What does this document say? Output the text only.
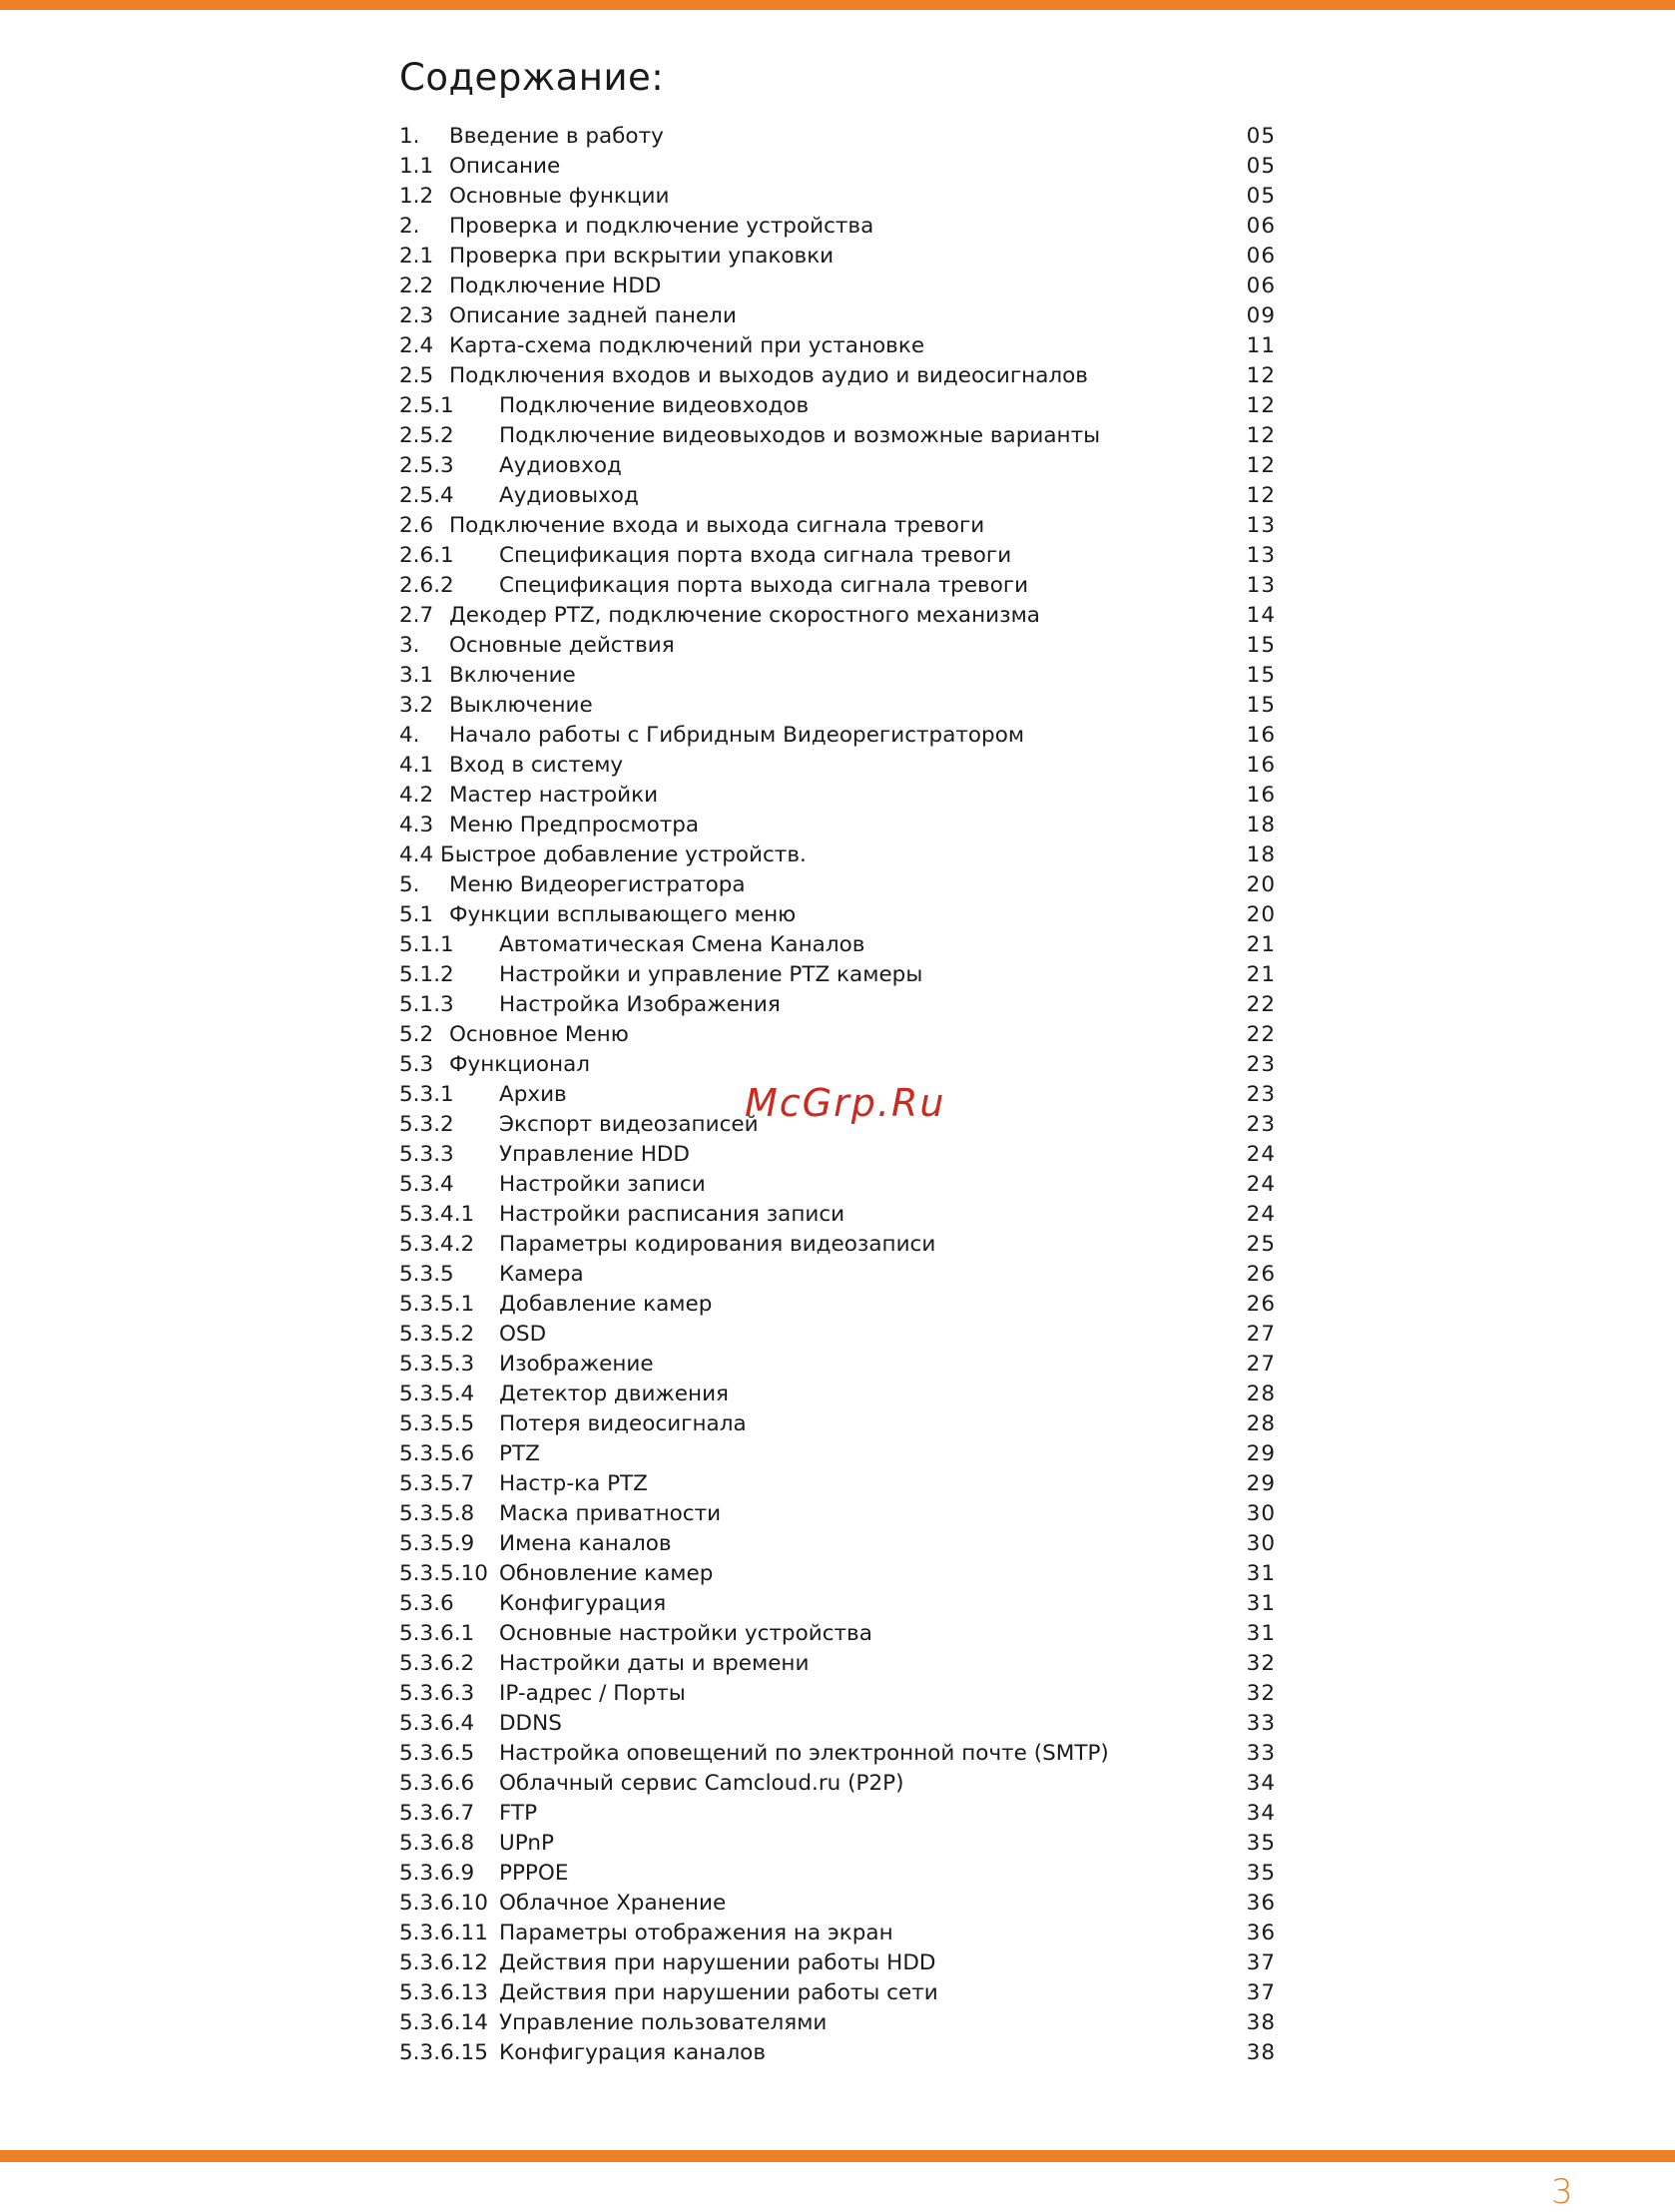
Содержание:
1. Введение в работу	05
1.1 Описание	05
1.2 Основные функции	05
2. Проверка и подключение устройства	06
2.1 Проверка при вскрытии упаковки	06
2.2 Подключение HDD	06
2.3 Описание задней панели	09
2.4 Карта-схема подключений при установке	11
2.5 Подключения входов и выходов аудио и видеосигналов	12
2.5.1 Подключение видеовходов	12
2.5.2 Подключение видеовыходов и возможные варианты	12
2.5.3 Аудиовход	12
2.5.4 Аудиовыход	12
2.6 Подключение входа и выхода сигнала тревоги	13
2.6.1 Спецификация порта входа сигнала тревоги	13
2.6.2 Спецификация порта выхода сигнала тревоги	13
2.7 Декодер PTZ, подключение скоростного механизма	14
3. Основные действия	15
3.1 Включение	15
3.2 Выключение	15
4. Начало работы с Гибридным Видеорегистратором	16
4.1 Вход в систему	16
4.2 Мастер настройки	16
4.3 Меню Предпросмотра	18
4.4 Быстрое добавление устройств.	18
5. Меню Видеорегистратора	20
5.1 Функции всплывающего меню	20
5.1.1 Автоматическая Смена Каналов	21
5.1.2 Настройки и управление PTZ камеры	21
5.1.3 Настройка Изображения	22
5.2 Основное Меню	22
5.3 Функционал	23
5.3.1 Архив	23
5.3.2 Экспорт видеозаписей	23
5.3.3 Управление HDD	24
5.3.4 Настройки записи	24
5.3.4.1 Настройки расписания записи	24
5.3.4.2 Параметры кодирования видеозаписи	25
5.3.5 Камера	26
5.3.5.1 Добавление камер	26
5.3.5.2 OSD	27
5.3.5.3 Изображение	27
5.3.5.4 Детектор движения	28
5.3.5.5 Потеря видеосигнала	28
5.3.5.6 PTZ	29
5.3.5.7 Настр-ка PTZ	29
5.3.5.8 Маска приватности	30
5.3.5.9 Имена каналов	30
5.3.5.10 Обновление камер	31
5.3.6 Конфигурация	31
5.3.6.1 Основные настройки устройства	31
5.3.6.2 Настройки даты и времени	32
5.3.6.3 IP-адрес / Порты	32
5.3.6.4 DDNS	33
5.3.6.5 Настройка оповещений по электронной почте (SMTP)	33
5.3.6.6 Облачный сервис Camcloud.ru (P2P)	34
5.3.6.7 FTP	34
5.3.6.8 UPnP	35
5.3.6.9 PPPOE	35
5.3.6.10 Облачное Хранение	36
5.3.6.11 Параметры отображения на экран	36
5.3.6.12 Действия при нарушении работы HDD	37
5.3.6.13 Действия при нарушении работы сети	37
5.3.6.14 Управление пользователями	38
5.3.6.15 Конфигурация каналов	38
McGrp.Ru
3
